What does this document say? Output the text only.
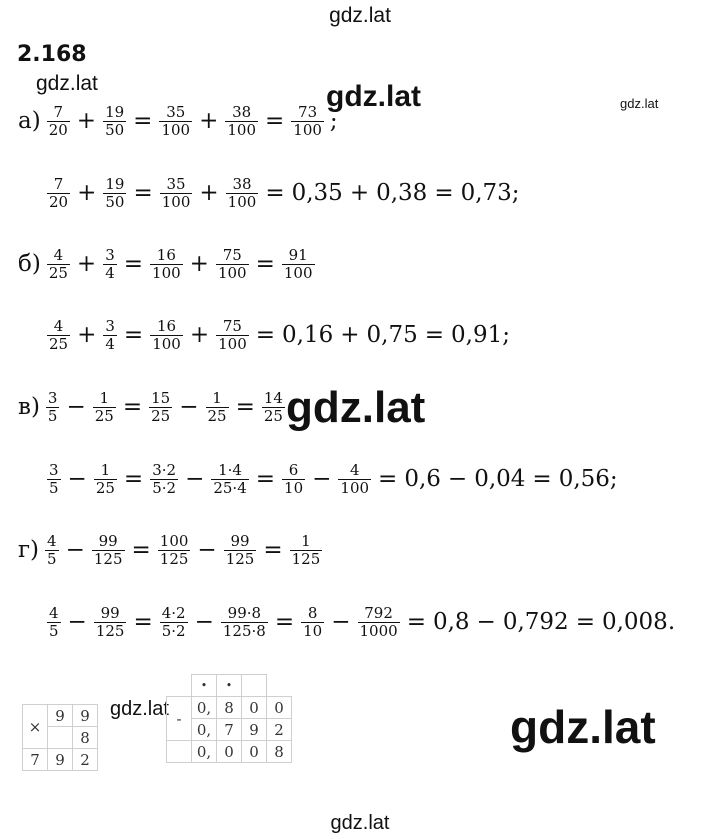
gdz.lat
2.168
gdz.lat
gdz.lat
$а) \frac{7}{20} + \frac{19}{50} = \frac{35}{100} + \frac{38}{100} = \frac{73}{100}$ ;
$\frac{7}{20} + \frac{19}{50} = \frac{35}{100} + \frac{38}{100} = 0,35 + 0,38 = 0,73$;
$б) \frac{4}{25} + \frac{3}{4} = \frac{16}{100} + \frac{75}{100} = \frac{91}{100}$
$\frac{4}{25} + \frac{3}{4} = \frac{16}{100} + \frac{75}{100} = 0,16 + 0,75 = 0,91$;
$в) \frac{3}{5} - \frac{1}{25} = \frac{15}{25} - \frac{1}{25} = \frac{14}{25}$
$\frac{3}{5} - \frac{1}{25} = \frac{3\cdot 2}{5\cdot 2} - \frac{1\cdot 4}{25\cdot 4} = \frac{6}{10} - \frac{4}{100} = 0,6 - 0,04 = 0,56$;
$г) \frac{4}{5} - \frac{99}{125} = \frac{100}{125} - \frac{99}{125} = \frac{1}{125}$
$\frac{4}{5} - \frac{99}{125} = \frac{4\cdot 2}{5\cdot 2} - \frac{99\cdot 8}{125\cdot 8} = \frac{8}{10} - \frac{792}{1000} = 0,8 - 0,792 = 0,008$.
gdz.lat
gdz.lat
×	9	9
		8
7	9	2
gdz.lat
	•	•		
-	0,	8	0	0
	0,	7	9	2
	0,	0	0	8	gdz.lat
gdz.lat
